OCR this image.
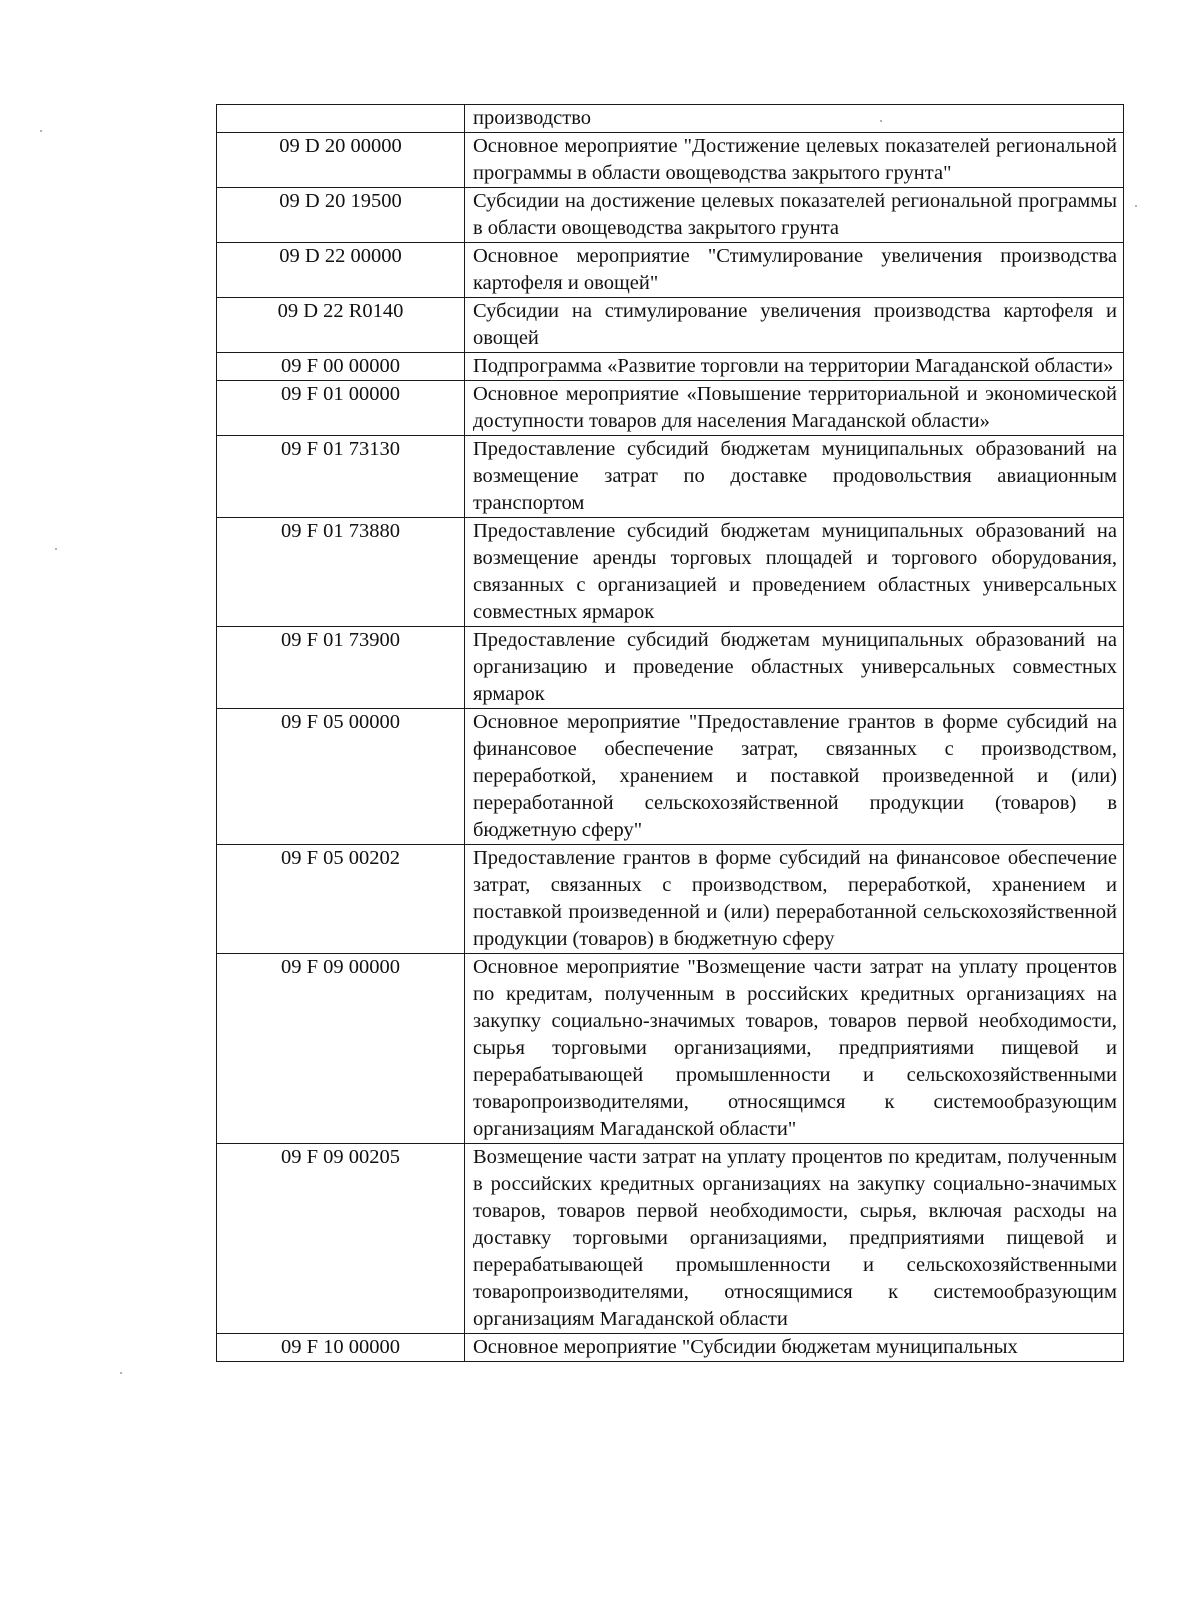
	производство
09 D 20 00000	Основное мероприятие "Достижение целевых показателей региональной программы в области овощеводства закрытого грунта"
09 D 20 19500	Субсидии на достижение целевых показателей региональной программы в области овощеводства закрытого грунта
09 D 22 00000	Основное мероприятие "Стимулирование увеличения производства картофеля и овощей"
09 D 22 R0140	Субсидии на стимулирование увеличения производства картофеля и овощей
09 F 00 00000	Подпрограмма «Развитие торговли на территории Магаданской области»
09 F 01 00000	Основное мероприятие «Повышение территориальной и экономической доступности товаров для населения Магаданской области»
09 F 01 73130	Предоставление субсидий бюджетам муниципальных образований на возмещение затрат по доставке продовольствия авиационным транспортом
09 F 01 73880	Предоставление субсидий бюджетам муниципальных образований на возмещение аренды торговых площадей и торгового оборудования, связанных с организацией и проведением областных универсальных совместных ярмарок
09 F 01 73900	Предоставление субсидий бюджетам муниципальных образований на организацию и проведение областных универсальных совместных ярмарок
09 F 05 00000	Основное мероприятие "Предоставление грантов в форме субсидий на финансовое обеспечение затрат, связанных с производством, переработкой, хранением и поставкой произведенной и (или) переработанной сельскохозяйственной продукции (товаров) в бюджетную сферу"
09 F 05 00202	Предоставление грантов в форме субсидий на финансовое обеспечение затрат, связанных с производством, переработкой, хранением и поставкой произведенной и (или) переработанной сельскохозяйственной продукции (товаров) в бюджетную сферу
09 F 09 00000	Основное мероприятие "Возмещение части затрат на уплату процентов по кредитам, полученным в российских кредитных организациях на закупку социально-значимых товаров, товаров первой необходимости, сырья торговыми организациями, предприятиями пищевой и перерабатывающей промышленности и сельскохозяйственными товаропроизводителями, относящимся к системообразующим организациям Магаданской области"
09 F 09 00205	Возмещение части затрат на уплату процентов по кредитам, полученным в российских кредитных организациях на закупку социально-значимых товаров, товаров первой необходимости, сырья, включая расходы на доставку торговыми организациями, предприятиями пищевой и перерабатывающей промышленности и сельскохозяйственными товаропроизводителями, относящимися к системообразующим организациям Магаданской области
09 F 10 00000	Основное мероприятие "Субсидии бюджетам муниципальных
